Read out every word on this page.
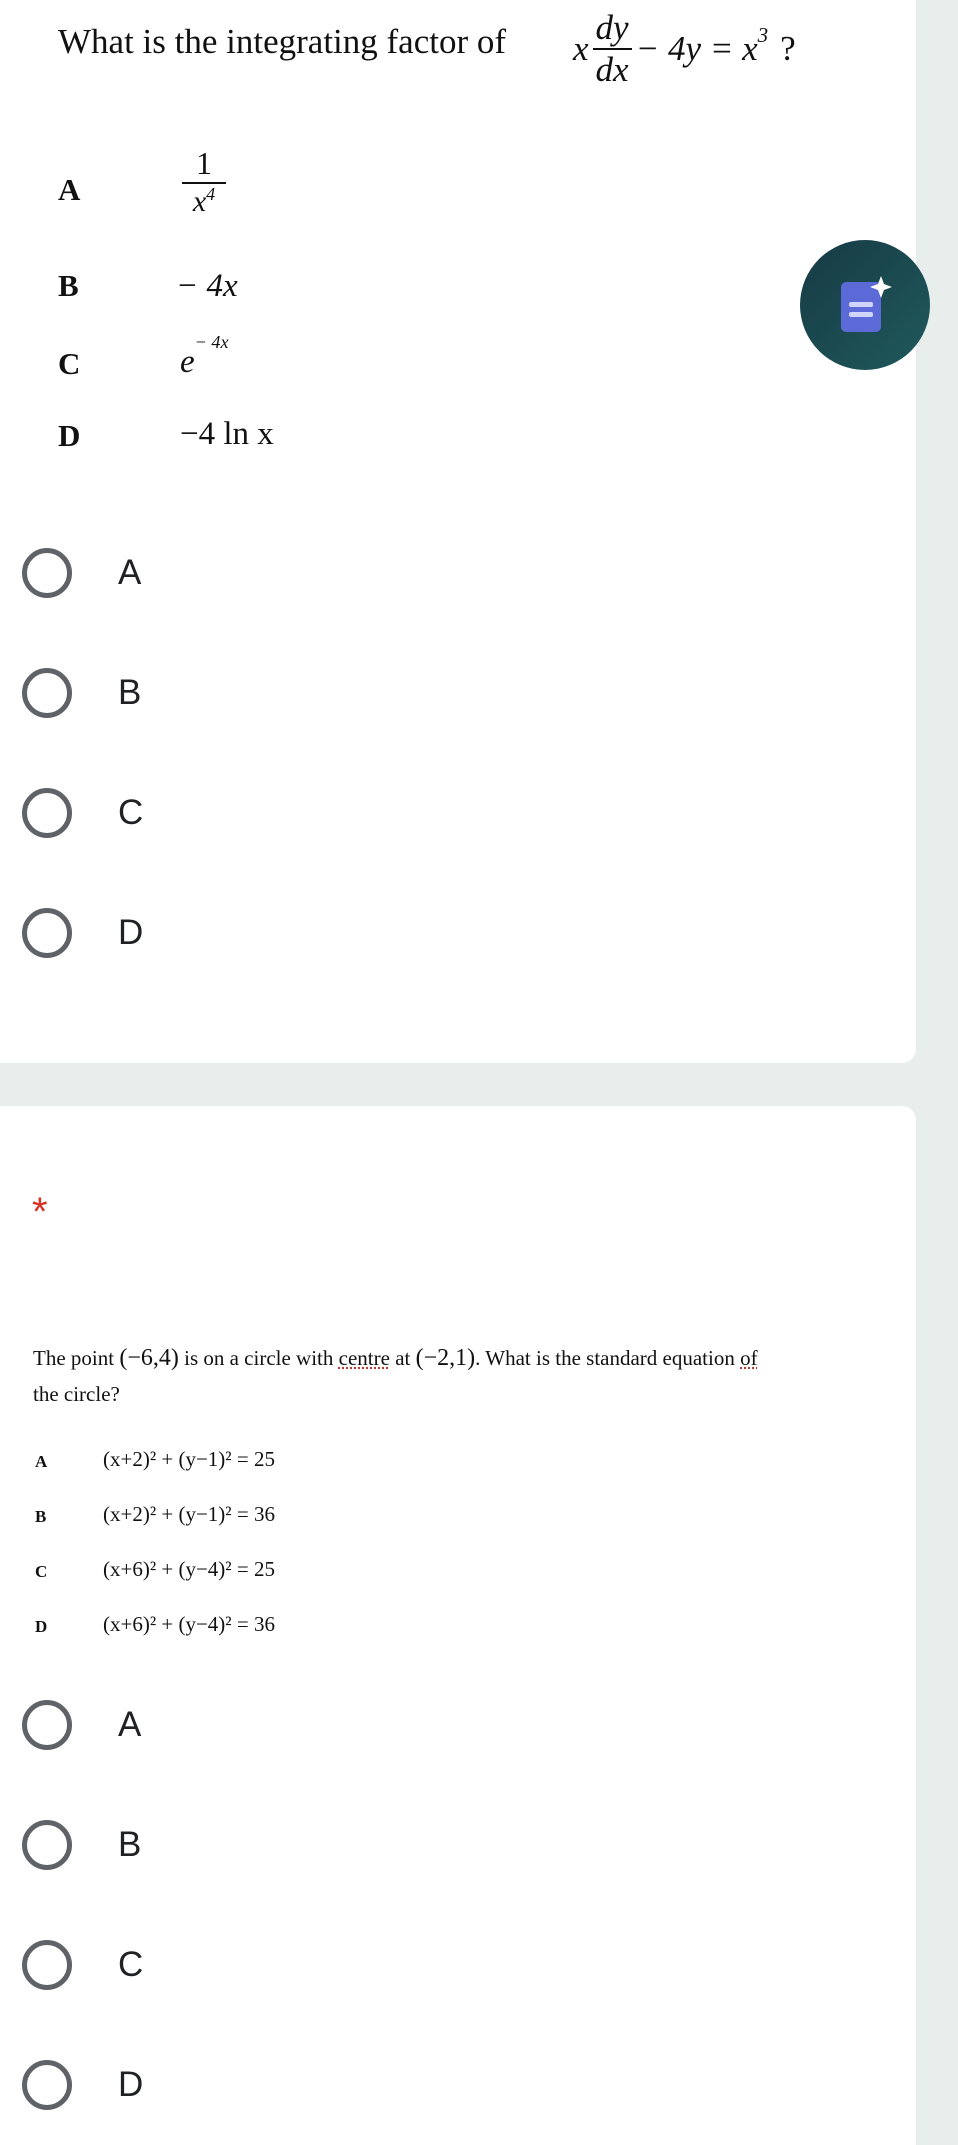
What is the integrating factor of x $\frac{dy}{dx} - 4y = x^3$ ?
A	$\frac{1}{x^4}$
B	− 4x
C	$e^{- 4x}$
D	−4 ln x
A
B
C
D
*
The point (−6,4) is on a circle with centre at (−2,1). What is the standard equation of
the circle?
A	(x+2)² + (y−1)² = 25
B	(x+2)² + (y−1)² = 36
C	(x+6)² + (y−4)² = 25
D	(x+6)² + (y−4)² = 36
A
B
C
D
